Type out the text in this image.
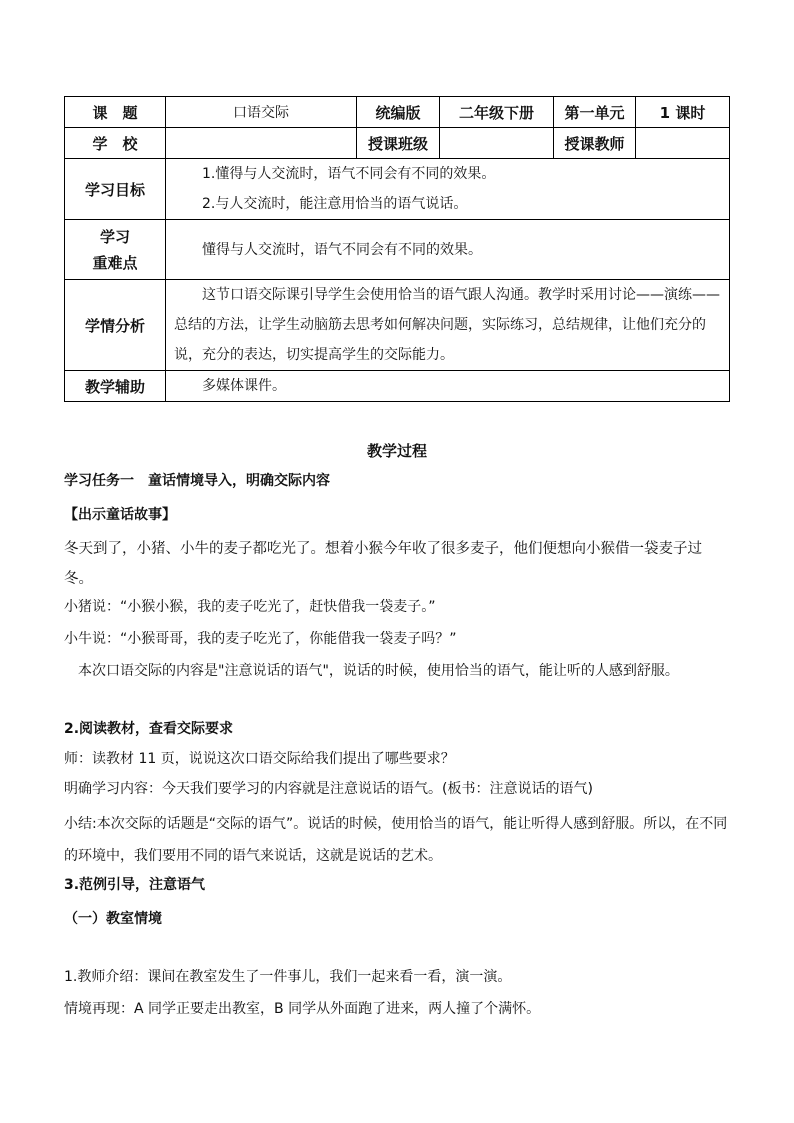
课　题	口语交际	统编版	二年级下册	第一单元	1 课时
学　校		授课班级		授课教师	
学习目标	1.懂得与人交流时，语气不同会有不同的效果。

2.与人交流时，能注意用恰当的语气说话。				

学习
重难点	懂得与人交流时，语气不同会有不同的效果。				

学情分析	这节口语交际课引导学生会使用恰当的语气跟人沟通。教学时采用讨论——演练——总结的方法，让学生动脑筋去思考如何解决问题，实际练习，总结规律，让他们充分的说，充分的表达，切实提高学生的交际能力。				

教学辅助	多媒体课件。				

教学过程
学习任务一　童话情境导入，明确交际内容
【出示童话故事】
冬天到了，小猪、小牛的麦子都吃光了。想着小猴今年收了很多麦子，他们便想向小猴借一袋麦子过冬。
小猪说：“小猴小猴，我的麦子吃光了，赶快借我一袋麦子。”
小牛说：“小猴哥哥，我的麦子吃光了，你能借我一袋麦子吗？”
本次口语交际的内容是"注意说话的语气"，说话的时候，使用恰当的语气，能让听的人感到舒服。
2.阅读教材，查看交际要求
师：读教材 11 页，说说这次口语交际给我们提出了哪些要求？
明确学习内容：今天我们要学习的内容就是注意说话的语气。(板书：注意说话的语气)
小结:本次交际的话题是“交际的语气”。说话的时候，使用恰当的语气，能让听得人感到舒服。所以，在不同的环境中，我们要用不同的语气来说话，这就是说话的艺术。
3.范例引导，注意语气
（一）教室情境
1.教师介绍：课间在教室发生了一件事儿，我们一起来看一看，演一演。
情境再现：A 同学正要走出教室，B 同学从外面跑了进来，两人撞了个满怀。
